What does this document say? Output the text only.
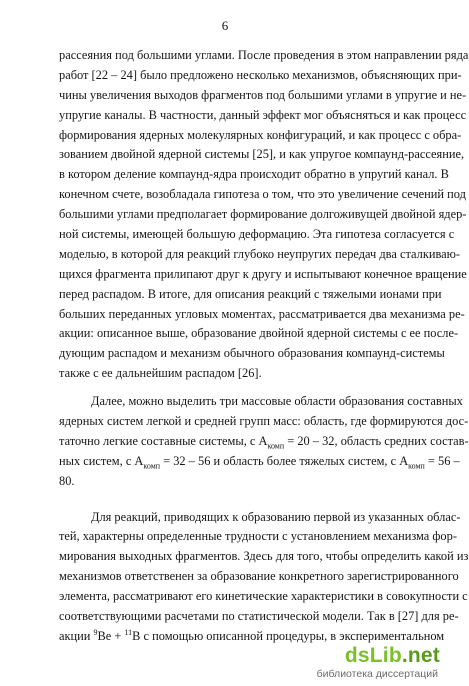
6
рассеяния под большими углами. После проведения в этом направлении ряда
работ [22 – 24] было предложено несколько механизмов, объясняющих при-
чины увеличения выходов фрагментов под большими углами в упругие и не-
упругие каналы. В частности, данный эффект мог объясняться и как процесс
формирования ядерных молекулярных конфигураций, и как процесс с обра-
зованием двойной ядерной системы [25], и как упругое компаунд-рассеяние,
в котором деление компаунд-ядра происходит обратно в упругий канал. В
конечном счете, возобладала гипотеза о том, что это увеличение сечений под
большими углами предполагает формирование долгоживущей двойной ядер-
ной системы, имеющей большую деформацию. Эта гипотеза согласуется с
моделью, в которой для реакций глубоко неупругих передач два сталкиваю-
щихся фрагмента прилипают друг к другу и испытывают конечное вращение
перед распадом. В итоге, для описания реакций с тяжелыми ионами при
больших переданных угловых моментах, рассматривается два механизма ре-
акции: описанное выше, образование двойной ядерной системы с ее после-
дующим распадом и механизм обычного образования компаунд-системы
также с ее дальнейшим распадом [26].
Далее, можно выделить три массовые области образования составных
ядерных систем легкой и средней групп масс: область, где формируются дос-
таточно легкие составные системы, с $A_{комп} = 20 - 32$, область средних состав-
ных систем, с $A_{комп} = 32 - 56$ и область более тяжелых систем, с $A_{комп} = 56$ –
80.
Для реакций, приводящих к образованию первой из указанных облас-
тей, характерны определенные трудности с установлением механизма фор-
мирования выходных фрагментов. Здесь для того, чтобы определить какой из
механизмов ответственен за образование конкретного зарегистрированного
элемента, рассматривают его кинетические характеристики в совокупности с
соответствующими расчетами по статистической модели. Так в [27] для ре-
акции $^9$Be + $^{11}$B с помощью описанной процедуры, в экспериментальном
dsLib.net
библиотека диссертаций
